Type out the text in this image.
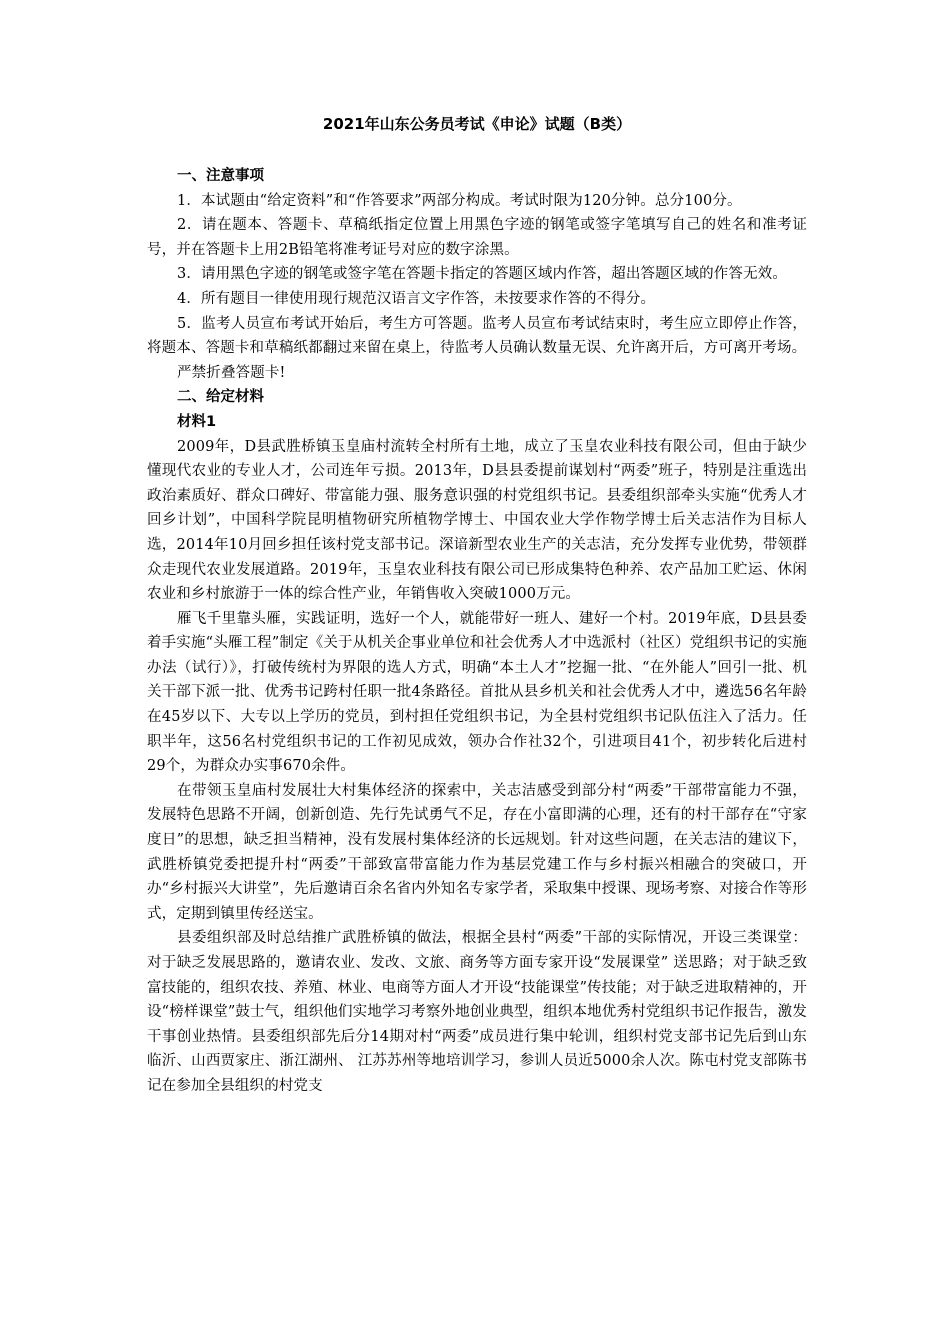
2021年山东公务员考试《申论》试题（B类）
一、注意事项

1．本试题由“给定资料”和“作答要求”两部分构成。考试时限为120分钟。总分100分。

2．请在题本、答题卡、草稿纸指定位置上用黑色字迹的钢笔或签字笔填写自己的姓名和准考证号，并在答题卡上用2B铅笔将准考证号对应的数字涂黑。

3．请用黑色字迹的钢笔或签字笔在答题卡指定的答题区域内作答，超出答题区域的作答无效。

4．所有题目一律使用现行规范汉语言文字作答，未按要求作答的不得分。

5．监考人员宣布考试开始后，考生方可答题。监考人员宣布考试结束时，考生应立即停止作答，将题本、答题卡和草稿纸都翻过来留在桌上，待监考人员确认数量无误、允许离开后，方可离开考场。

严禁折叠答题卡!

二、给定材料
材料1

2009年，D县武胜桥镇玉皇庙村流转全村所有土地，成立了玉皇农业科技有限公司，但由于缺少懂现代农业的专业人才，公司连年亏损。2013年，D县县委提前谋划村“两委”班子，特别是注重选出政治素质好、群众口碑好、带富能力强、服务意识强的村党组织书记。县委组织部牵头实施“优秀人才回乡计划”，中国科学院昆明植物研究所植物学博士、中国农业大学作物学博士后关志洁作为目标人选，2014年10月回乡担任该村党支部书记。深谙新型农业生产的关志洁，充分发挥专业优势，带领群众走现代农业发展道路。2019年，玉皇农业科技有限公司已形成集特色种养、农产品加工贮运、休闲农业和乡村旅游于一体的综合性产业，年销售收入突破1000万元。

雁飞千里靠头雁，实践证明，选好一个人，就能带好一班人、建好一个村。2019年底，D县县委着手实施“头雁工程”制定《关于从机关企事业单位和社会优秀人才中选派村（社区）党组织书记的实施办法（试行）》，打破传统村为界限的选人方式，明确“本土人才”挖掘一批、“在外能人”回引一批、机关干部下派一批、优秀书记跨村任职一批4条路径。首批从县乡机关和社会优秀人才中，遴选56名年龄在45岁以下、大专以上学历的党员，到村担任党组织书记，为全县村党组织书记队伍注入了活力。任职半年，这56名村党组织书记的工作初见成效，领办合作社32个，引进项目41个，初步转化后进村29个，为群众办实事670余件。

在带领玉皇庙村发展壮大村集体经济的探索中，关志洁感受到部分村“两委”干部带富能力不强，发展特色思路不开阔，创新创造、先行先试勇气不足，存在小富即满的心理，还有的村干部存在“守家度日”的思想，缺乏担当精神，没有发展村集体经济的长远规划。针对这些问题，在关志洁的建议下，武胜桥镇党委把提升村“两委”干部致富带富能力作为基层党建工作与乡村振兴相融合的突破口，开办“乡村振兴大讲堂”，先后邀请百余名省内外知名专家学者，采取集中授课、现场考察、对接合作等形式，定期到镇里传经送宝。

县委组织部及时总结推广武胜桥镇的做法，根据全县村“两委”干部的实际情况，开设三类课堂：对于缺乏发展思路的，邀请农业、发改、文旅、商务等方面专家开设“发展课堂” 送思路；对于缺乏致富技能的，组织农技、养殖、林业、电商等方面人才开设“技能课堂”传技能；对于缺乏进取精神的，开设“榜样课堂”鼓士气，组织他们实地学习考察外地创业典型，组织本地优秀村党组织书记作报告，激发干事创业热情。县委组织部先后分14期对村“两委”成员进行集中轮训，组织村党支部书记先后到山东临沂、山西贾家庄、浙江湖州、 江苏苏州等地培训学习，参训人员近5000余人次。陈屯村党支部陈书记在参加全县组织的村党支
